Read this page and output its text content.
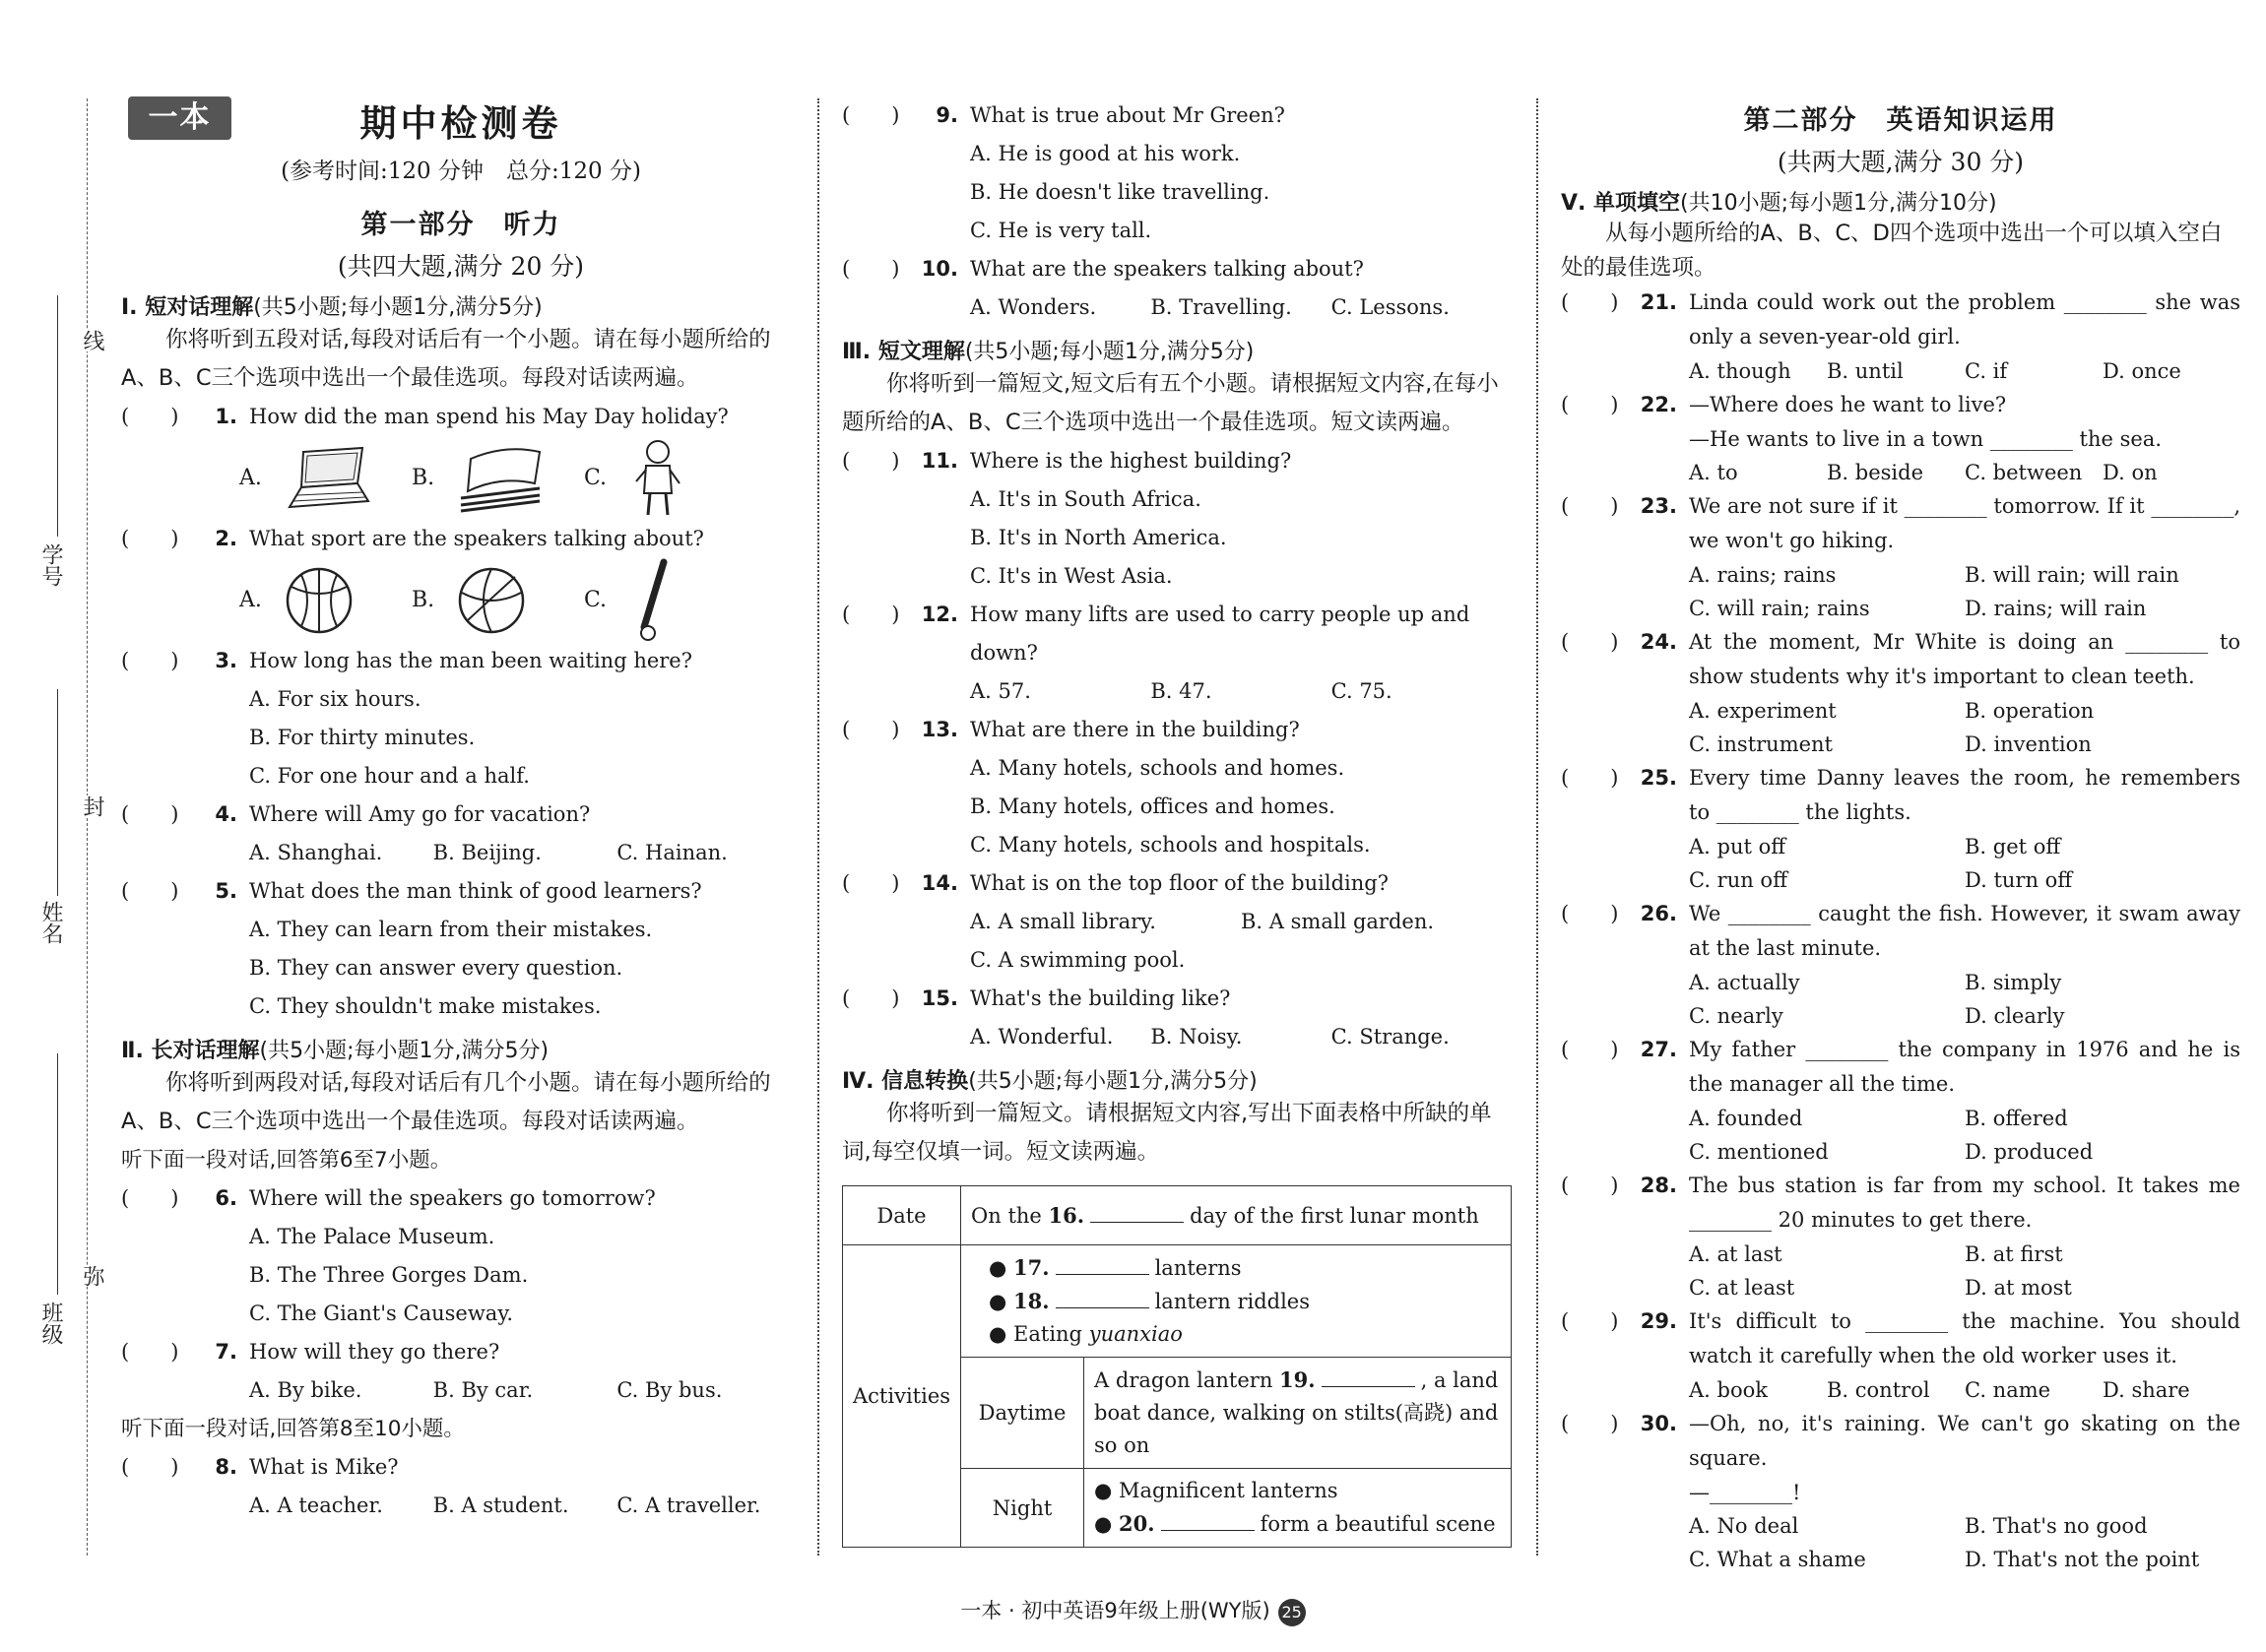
线
封
弥
学号
姓名
班级
一本	期中检测卷
(参考时间:120 分钟　总分:120 分)
第一部分　听力
(共四大题,满分 20 分)
Ⅰ. 短对话理解(共5小题;每小题1分,满分5分)
你将听到五段对话,每段对话后有一个小题。请在每小题所给的A、B、C三个选项中选出一个最佳选项。每段对话读两遍。
(　　)	1. How did the man spend his May Day holiday?
A.	B.	C.
(　　)	2. What sport are the speakers talking about?
A.	B.	C.
(　　)	3. How long has the man been waiting here?
A. For six hours.
B. For thirty minutes.
C. For one hour and a half.
(　　)	4. Where will Amy go for vacation?
A. Shanghai.	B. Beijing.	C. Hainan.
(　　)	5. What does the man think of good learners?
A. They can learn from their mistakes.
B. They can answer every question.
C. They shouldn't make mistakes.
Ⅱ. 长对话理解(共5小题;每小题1分,满分5分)
你将听到两段对话,每段对话后有几个小题。请在每小题所给的A、B、C三个选项中选出一个最佳选项。每段对话读两遍。
听下面一段对话,回答第6至7小题。
(　　)	6. Where will the speakers go tomorrow?
A. The Palace Museum.
B. The Three Gorges Dam.
C. The Giant's Causeway.
(　　)	7. How will they go there?
A. By bike.	B. By car.	C. By bus.
听下面一段对话,回答第8至10小题。
(　　)	8. What is Mike?
A. A teacher.	B. A student.	C. A traveller.
(　　)	9. What is true about Mr Green?
A. He is good at his work.
B. He doesn't like travelling.
C. He is very tall.
(　　)	10. What are the speakers talking about?
A. Wonders.	B. Travelling.	C. Lessons.
Ⅲ. 短文理解(共5小题;每小题1分,满分5分)
你将听到一篇短文,短文后有五个小题。请根据短文内容,在每小题所给的A、B、C三个选项中选出一个最佳选项。短文读两遍。
(　　)	11. Where is the highest building?
A. It's in South Africa.
B. It's in North America.
C. It's in West Asia.
(　　)	12. How many lifts are used to carry people up and down?
A. 57.	B. 47.	C. 75.
(　　)	13. What are there in the building?
A. Many hotels, schools and homes.
B. Many hotels, offices and homes.
C. Many hotels, schools and hospitals.
(　　)	14. What is on the top floor of the building?
A. A small library.	B. A small garden.
C. A swimming pool.
(　　)	15. What's the building like?
A. Wonderful.	B. Noisy.	C. Strange.
Ⅳ. 信息转换(共5小题;每小题1分,满分5分)
你将听到一篇短文。请根据短文内容,写出下面表格中所缺的单词,每空仅填一词。短文读两遍。
Date	On the 16. day of the first lunar month	
Activities	● 17. lanterns
● 18. lantern riddles
● Eating yuanxiao	

	Daytime	A dragon lantern 19. , a land boat dance, walking on stilts(高跷) and so on
	Night	● Magnificent lanterns
● 20. form a beautiful scene
第二部分　英语知识运用
(共两大题,满分 30 分)
Ⅴ. 单项填空(共10小题;每小题1分,满分10分)
从每小题所给的A、B、C、D四个选项中选出一个可以填入空白处的最佳选项。
(　　)	21. Linda could work out the problem ________ she was only a seven-year-old girl.
A. though	B. until	C. if	D. once
(　　)	22. —Where does he want to live?
—He wants to live in a town ________ the sea.
A. to	B. beside	C. between D. on
(　　)	23. We are not sure if it ________ tomorrow. If it ________, we won't go hiking.
A. rains; rains	B. will rain; will rain
C. will rain; rains	D. rains; will rain
(　　)	24. At the moment, Mr White is doing an ________ to show students why it's important to clean teeth.
A. experiment	B. operation
C. instrument	D. invention
(　　)	25. Every time Danny leaves the room, he remembers to ________ the lights.
A. put off	B. get off
C. run off	D. turn off
(　　)	26. We ________ caught the fish. However, it swam away at the last minute.
A. actually	B. simply
C. nearly	D. clearly
(　　)	27. My father ________ the company in 1976 and he is the manager all the time.
A. founded	B. offered
C. mentioned	D. produced
(　　)	28. The bus station is far from my school. It takes me ________ 20 minutes to get there.
A. at last	B. at first
C. at least	D. at most
(　　)	29. It's difficult to ________ the machine. You should watch it carefully when the old worker uses it.
A. book	B. control	C. name	D. share
(　　)	30. —Oh, no, it's raining. We can't go skating on the square.
—________!
A. No deal	B. That's no good
C. What a shame	D. That's not the point
一本 · 初中英语9年级上册(WY版) 25
